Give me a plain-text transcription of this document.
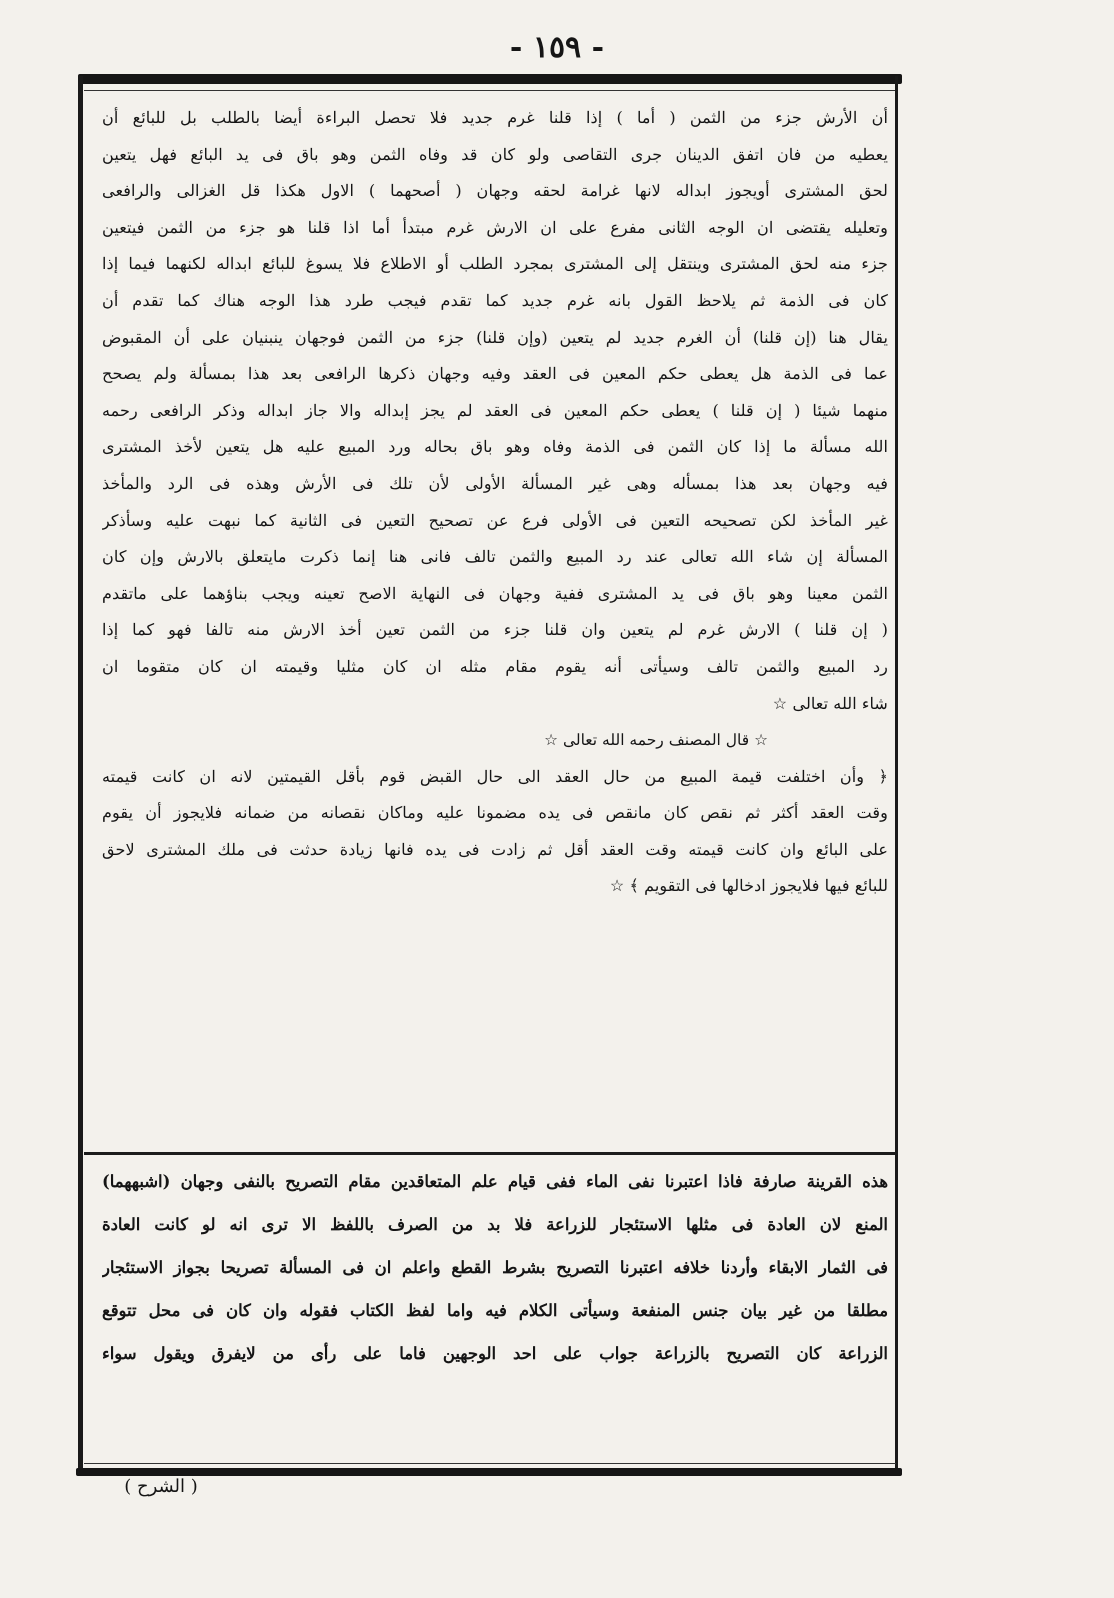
- ١٥٩ -
أن الأرش جزء من الثمن ( أما ) إذا قلنا غرم جديد فلا تحصل البراءة أيضا بالطلب بل للبائع أن
يعطيه من فان اتفق الدينان جرى التقاصى ولو كان قد وفاه الثمن وهو باق فى يد البائع فهل يتعين
لحق المشترى أويجوز ابداله لانها غرامة لحقه وجهان ( أصحهما ) الاول هكذا قل الغزالى والرافعى
وتعليله يقتضى ان الوجه الثانى مفرع على ان الارش غرم مبتدأ أما اذا قلنا هو جزء من الثمن فيتعين
جزء منه لحق المشترى وينتقل إلى المشترى بمجرد الطلب أو الاطلاع فلا يسوغ للبائع ابداله لكنهما فيما إذا
كان فى الذمة ثم يلاحظ القول بانه غرم جديد كما تقدم فيجب طرد هذا الوجه هناك كما تقدم أن
يقال هنا (إن قلنا) أن الغرم جديد لم يتعين (وإن قلنا) جزء من الثمن فوجهان ينبنيان على أن المقبوض
عما فى الذمة هل يعطى حكم المعين فى العقد وفيه وجهان ذكرها الرافعى بعد هذا بمسألة ولم يصحح
منهما شيئا ( إن قلنا ) يعطى حكم المعين فى العقد لم يجز إبداله والا جاز ابداله وذكر الرافعى رحمه
الله مسألة ما إذا كان الثمن فى الذمة وفاه وهو باق بحاله ورد المبيع عليه هل يتعين لأخذ المشترى
فيه وجهان بعد هذا بمسأله وهى غير المسألة الأولى لأن تلك فى الأرش وهذه فى الرد والمأخذ
غير المأخذ لكن تصحيحه التعين فى الأولى فرع عن تصحيح التعين فى الثانية كما نبهت عليه وسأذكر
المسألة إن شاء الله تعالى عند رد المبيع والثمن تالف فانى هنا إنما ذكرت مايتعلق بالارش وإن كان
الثمن معينا وهو باق فى يد المشترى ففية وجهان فى النهاية الاصح تعينه ويجب بناؤهما على ماتقدم
( إن قلنا ) الارش غرم لم يتعين وان قلنا جزء من الثمن تعين أخذ الارش منه تالفا فهو كما إذا
رد المبيع والثمن تالف وسيأتى أنه يقوم مقام مثله ان كان مثليا وقيمته ان كان متقوما ان
شاء الله تعالى ☆
☆ قال المصنف رحمه الله تعالى ☆
﴿ وأن اختلفت قيمة المبيع من حال العقد الى حال القبض قوم بأقل القيمتين لانه ان كانت قيمته
وقت العقد أكثر ثم نقص كان مانقص فى يده مضمونا عليه وماكان نقصانه من ضمانه فلايجوز أن يقوم
على البائع وان كانت قيمته وقت العقد أقل ثم زادت فى يده فانها زيادة حدثت فى ملك المشترى لاحق
للبائع فيها فلايجوز ادخالها فى التقويم ﴾ ☆
هذه القرينة صارفة فاذا اعتبرنا نفى الماء ففى قيام علم المتعاقدين مقام التصريح بالنفى وجهان (اشبههما)
المنع لان العادة فى مثلها الاستئجار للزراعة فلا بد من الصرف باللفظ الا ترى انه لو كانت العادة
فى الثمار الابقاء وأردنا خلافه اعتبرنا التصريح بشرط القطع واعلم ان فى المسألة تصريحا بجواز الاستئجار
مطلقا من غير بيان جنس المنفعة وسيأتى الكلام فيه واما لفظ الكتاب فقوله وان كان فى محل تتوقع
الزراعة كان التصريح بالزراعة جواب على احد الوجهين فاما على رأى من لايفرق ويقول سواء
( الشرح )
